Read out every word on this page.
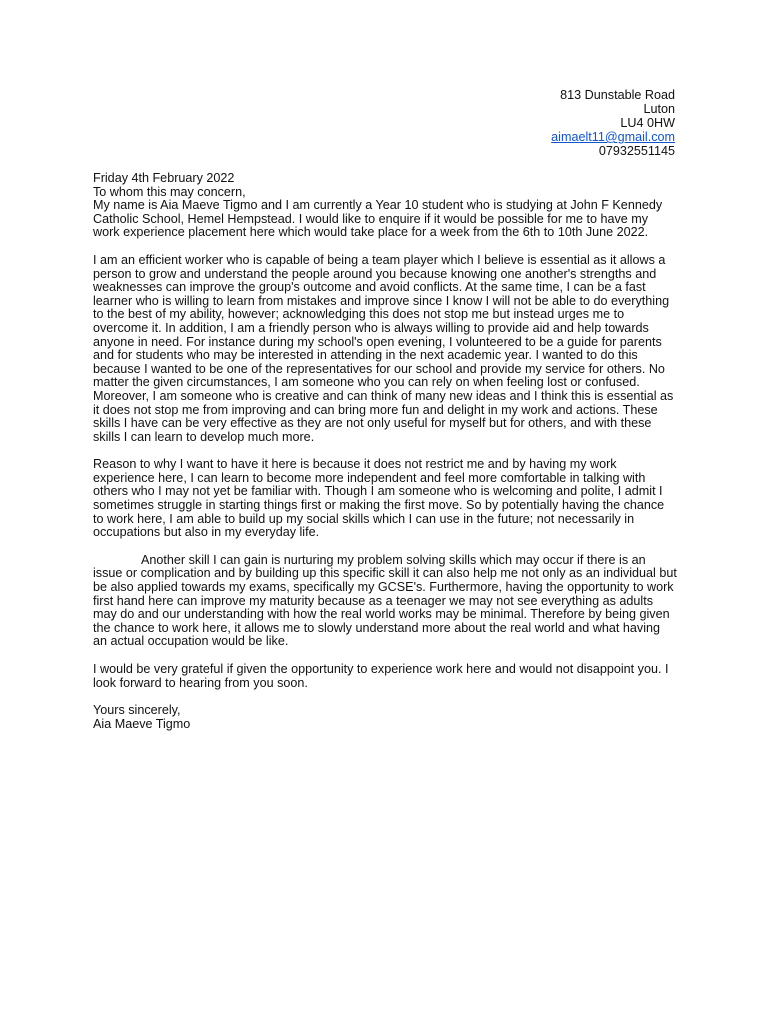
813 Dunstable Road
Luton
LU4 0HW
aimaelt11@gmail.com
07932551145

Friday 4th February 2022

To whom this may concern,

My name is Aia Maeve Tigmo and I am currently a Year 10 student who is studying at John F Kennedy Catholic School, Hemel Hempstead. I would like to enquire if it would be possible for me to have my work experience placement here which would take place for a week from the 6th to 10th June 2022.

I am an efficient worker who is capable of being a team player which I believe is essential as it allows a person to grow and understand the people around you because knowing one another's strengths and weaknesses can improve the group's outcome and avoid conflicts. At the same time, I can be a fast learner who is willing to learn from mistakes and improve since I know I will not be able to do everything to the best of my ability, however; acknowledging this does not stop me but instead urges me to overcome it. In addition, I am a friendly person who is always willing to provide aid and help towards anyone in need. For instance during my school's open evening, I volunteered to be a guide for parents and for students who may be interested in attending in the next academic year. I wanted to do this because I wanted to be one of the representatives for our school and provide my service for others. No matter the given circumstances, I am someone who you can rely on when feeling lost or confused. Moreover, I am someone who is creative and can think of many new ideas and I think this is essential as it does not stop me from improving and can bring more fun and delight in my work and actions. These skills I have can be very effective as they are not only useful for myself but for others, and with these skills I can learn to develop much more.

Reason to why I want to have it here is because it does not restrict me and by having my work experience here, I can learn to become more independent and feel more comfortable in talking with others who I may not yet be familiar with. Though I am someone who is welcoming and polite, I admit I sometimes struggle in starting things first or making the first move. So by potentially having the chance to work here, I am able to build up my social skills which I can use in the future; not necessarily in occupations but also in my everyday life.

Another skill I can gain is nurturing my problem solving skills which may occur if there is an issue or complication and by building up this specific skill it can also help me not only as an individual but be also applied towards my exams, specifically my GCSE's. Furthermore, having the opportunity to work first hand here can improve my maturity because as a teenager we may not see everything as adults may do and our understanding with how the real world works may be minimal. Therefore by being given the chance to work here, it allows me to slowly understand more about the real world and what having an actual occupation would be like.

I would be very grateful if given the opportunity to experience work here and would not disappoint you. I look forward to hearing from you soon.

Yours sincerely,

Aia Maeve Tigmo
